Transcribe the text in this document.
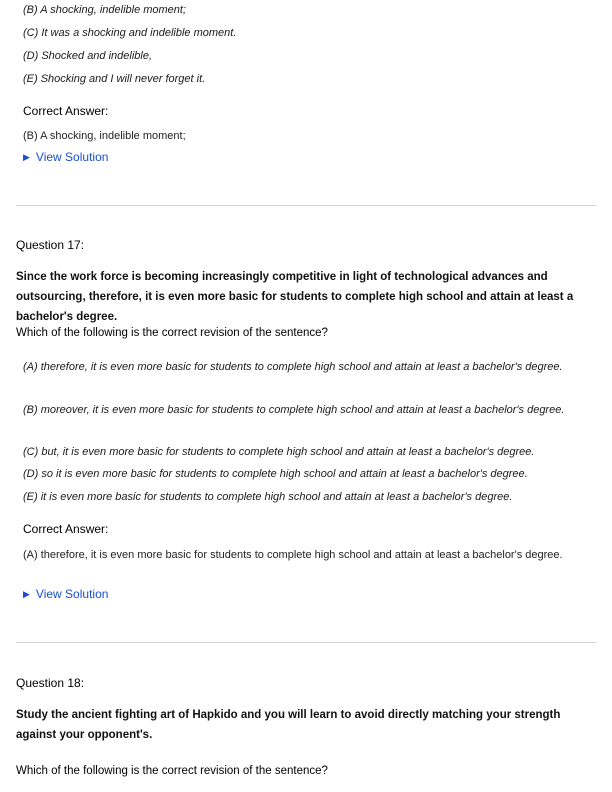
(B) A shocking, indelible moment;
(C) It was a shocking and indelible moment.
(D) Shocked and indelible,
(E) Shocking and I will never forget it.
Correct Answer:
(B) A shocking, indelible moment;
▶ View Solution
Question 17:
Since the work force is becoming increasingly competitive in light of technological advances and outsourcing, therefore, it is even more basic for students to complete high school and attain at least a bachelor's degree.
Which of the following is the correct revision of the sentence?
(A) therefore, it is even more basic for students to complete high school and attain at least a bachelor's degree.
(B) moreover, it is even more basic for students to complete high school and attain at least a bachelor's degree.
(C) but, it is even more basic for students to complete high school and attain at least a bachelor's degree.
(D) so it is even more basic for students to complete high school and attain at least a bachelor's degree.
(E) it is even more basic for students to complete high school and attain at least a bachelor's degree.
Correct Answer:
(A) therefore, it is even more basic for students to complete high school and attain at least a bachelor's degree.
▶ View Solution
Question 18:
Study the ancient fighting art of Hapkido and you will learn to avoid directly matching your strength against your opponent's.
Which of the following is the correct revision of the sentence?
